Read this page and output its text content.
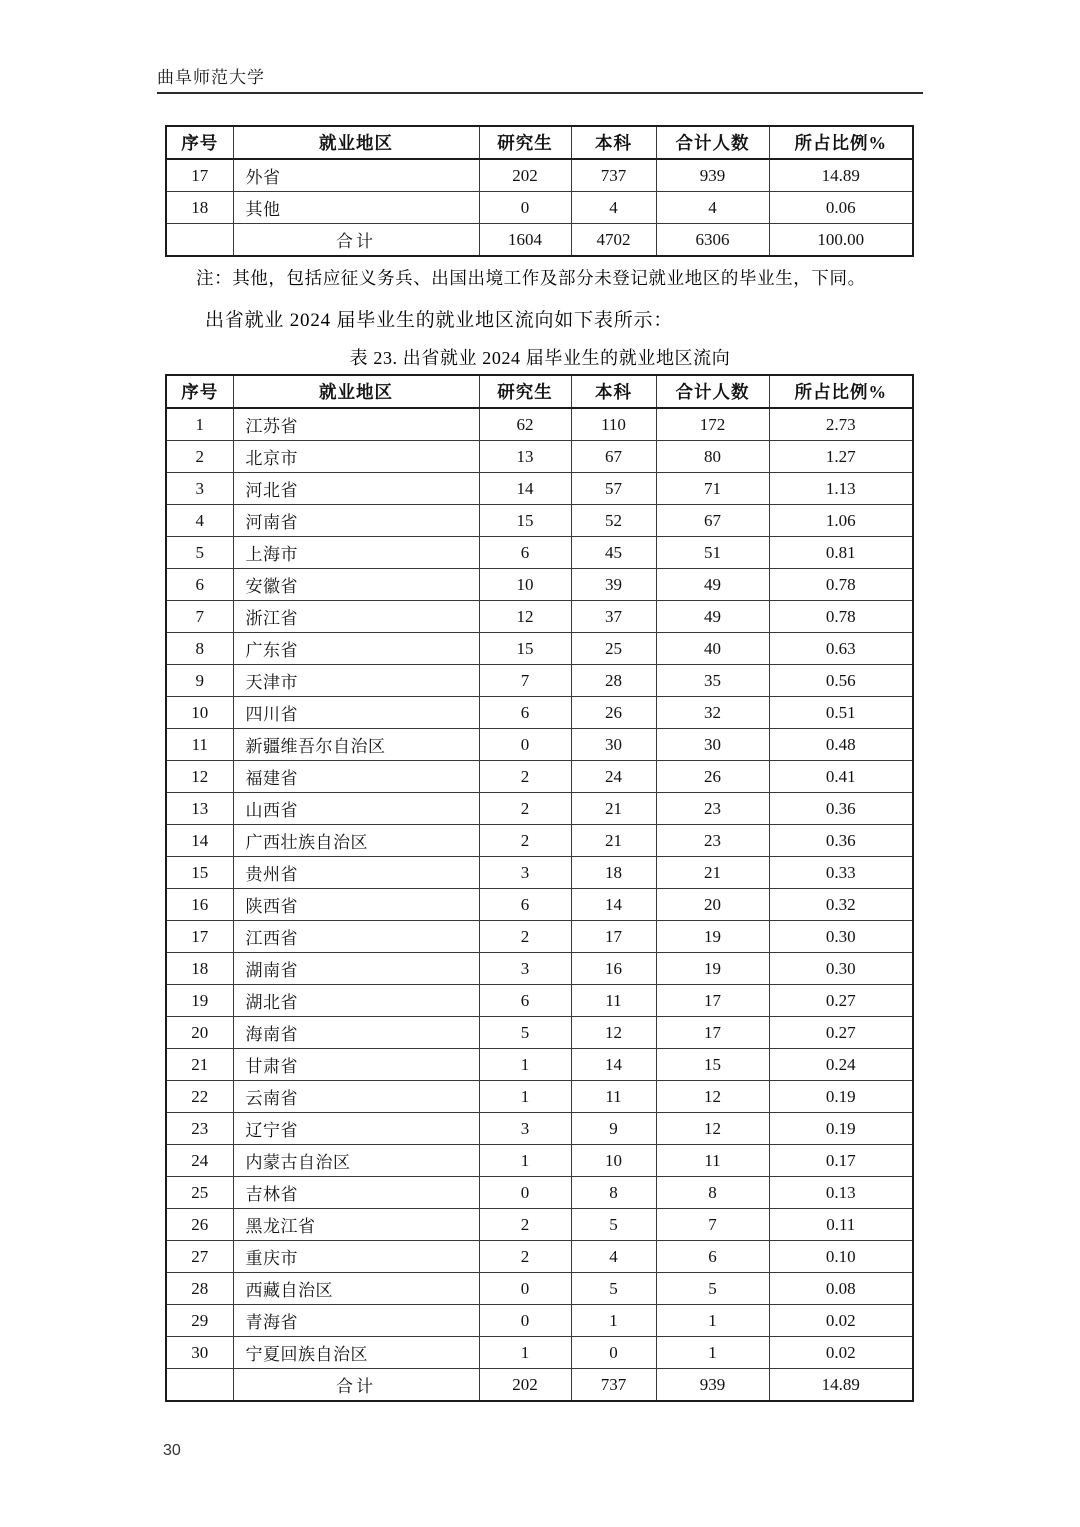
曲阜师范大学
序号	就业地区	研究生	本科	合计人数	所占比例%
17	外省	202	737	939	14.89
18	其他	0	4	4	0.06
	合计	1604	4702	6306	100.00
注：其他，包括应征义务兵、出国出境工作及部分未登记就业地区的毕业生，下同。
出省就业 2024 届毕业生的就业地区流向如下表所示：
表 23. 出省就业 2024 届毕业生的就业地区流向
序号	就业地区	研究生	本科	合计人数	所占比例%
1	江苏省	62	110	172	2.73
2	北京市	13	67	80	1.27
3	河北省	14	57	71	1.13
4	河南省	15	52	67	1.06
5	上海市	6	45	51	0.81
6	安徽省	10	39	49	0.78
7	浙江省	12	37	49	0.78
8	广东省	15	25	40	0.63
9	天津市	7	28	35	0.56
10	四川省	6	26	32	0.51
11	新疆维吾尔自治区	0	30	30	0.48
12	福建省	2	24	26	0.41
13	山西省	2	21	23	0.36
14	广西壮族自治区	2	21	23	0.36
15	贵州省	3	18	21	0.33
16	陕西省	6	14	20	0.32
17	江西省	2	17	19	0.30
18	湖南省	3	16	19	0.30
19	湖北省	6	11	17	0.27
20	海南省	5	12	17	0.27
21	甘肃省	1	14	15	0.24
22	云南省	1	11	12	0.19
23	辽宁省	3	9	12	0.19
24	内蒙古自治区	1	10	11	0.17
25	吉林省	0	8	8	0.13
26	黑龙江省	2	5	7	0.11
27	重庆市	2	4	6	0.10
28	西藏自治区	0	5	5	0.08
29	青海省	0	1	1	0.02
30	宁夏回族自治区	1	0	1	0.02
	合计	202	737	939	14.89
30
